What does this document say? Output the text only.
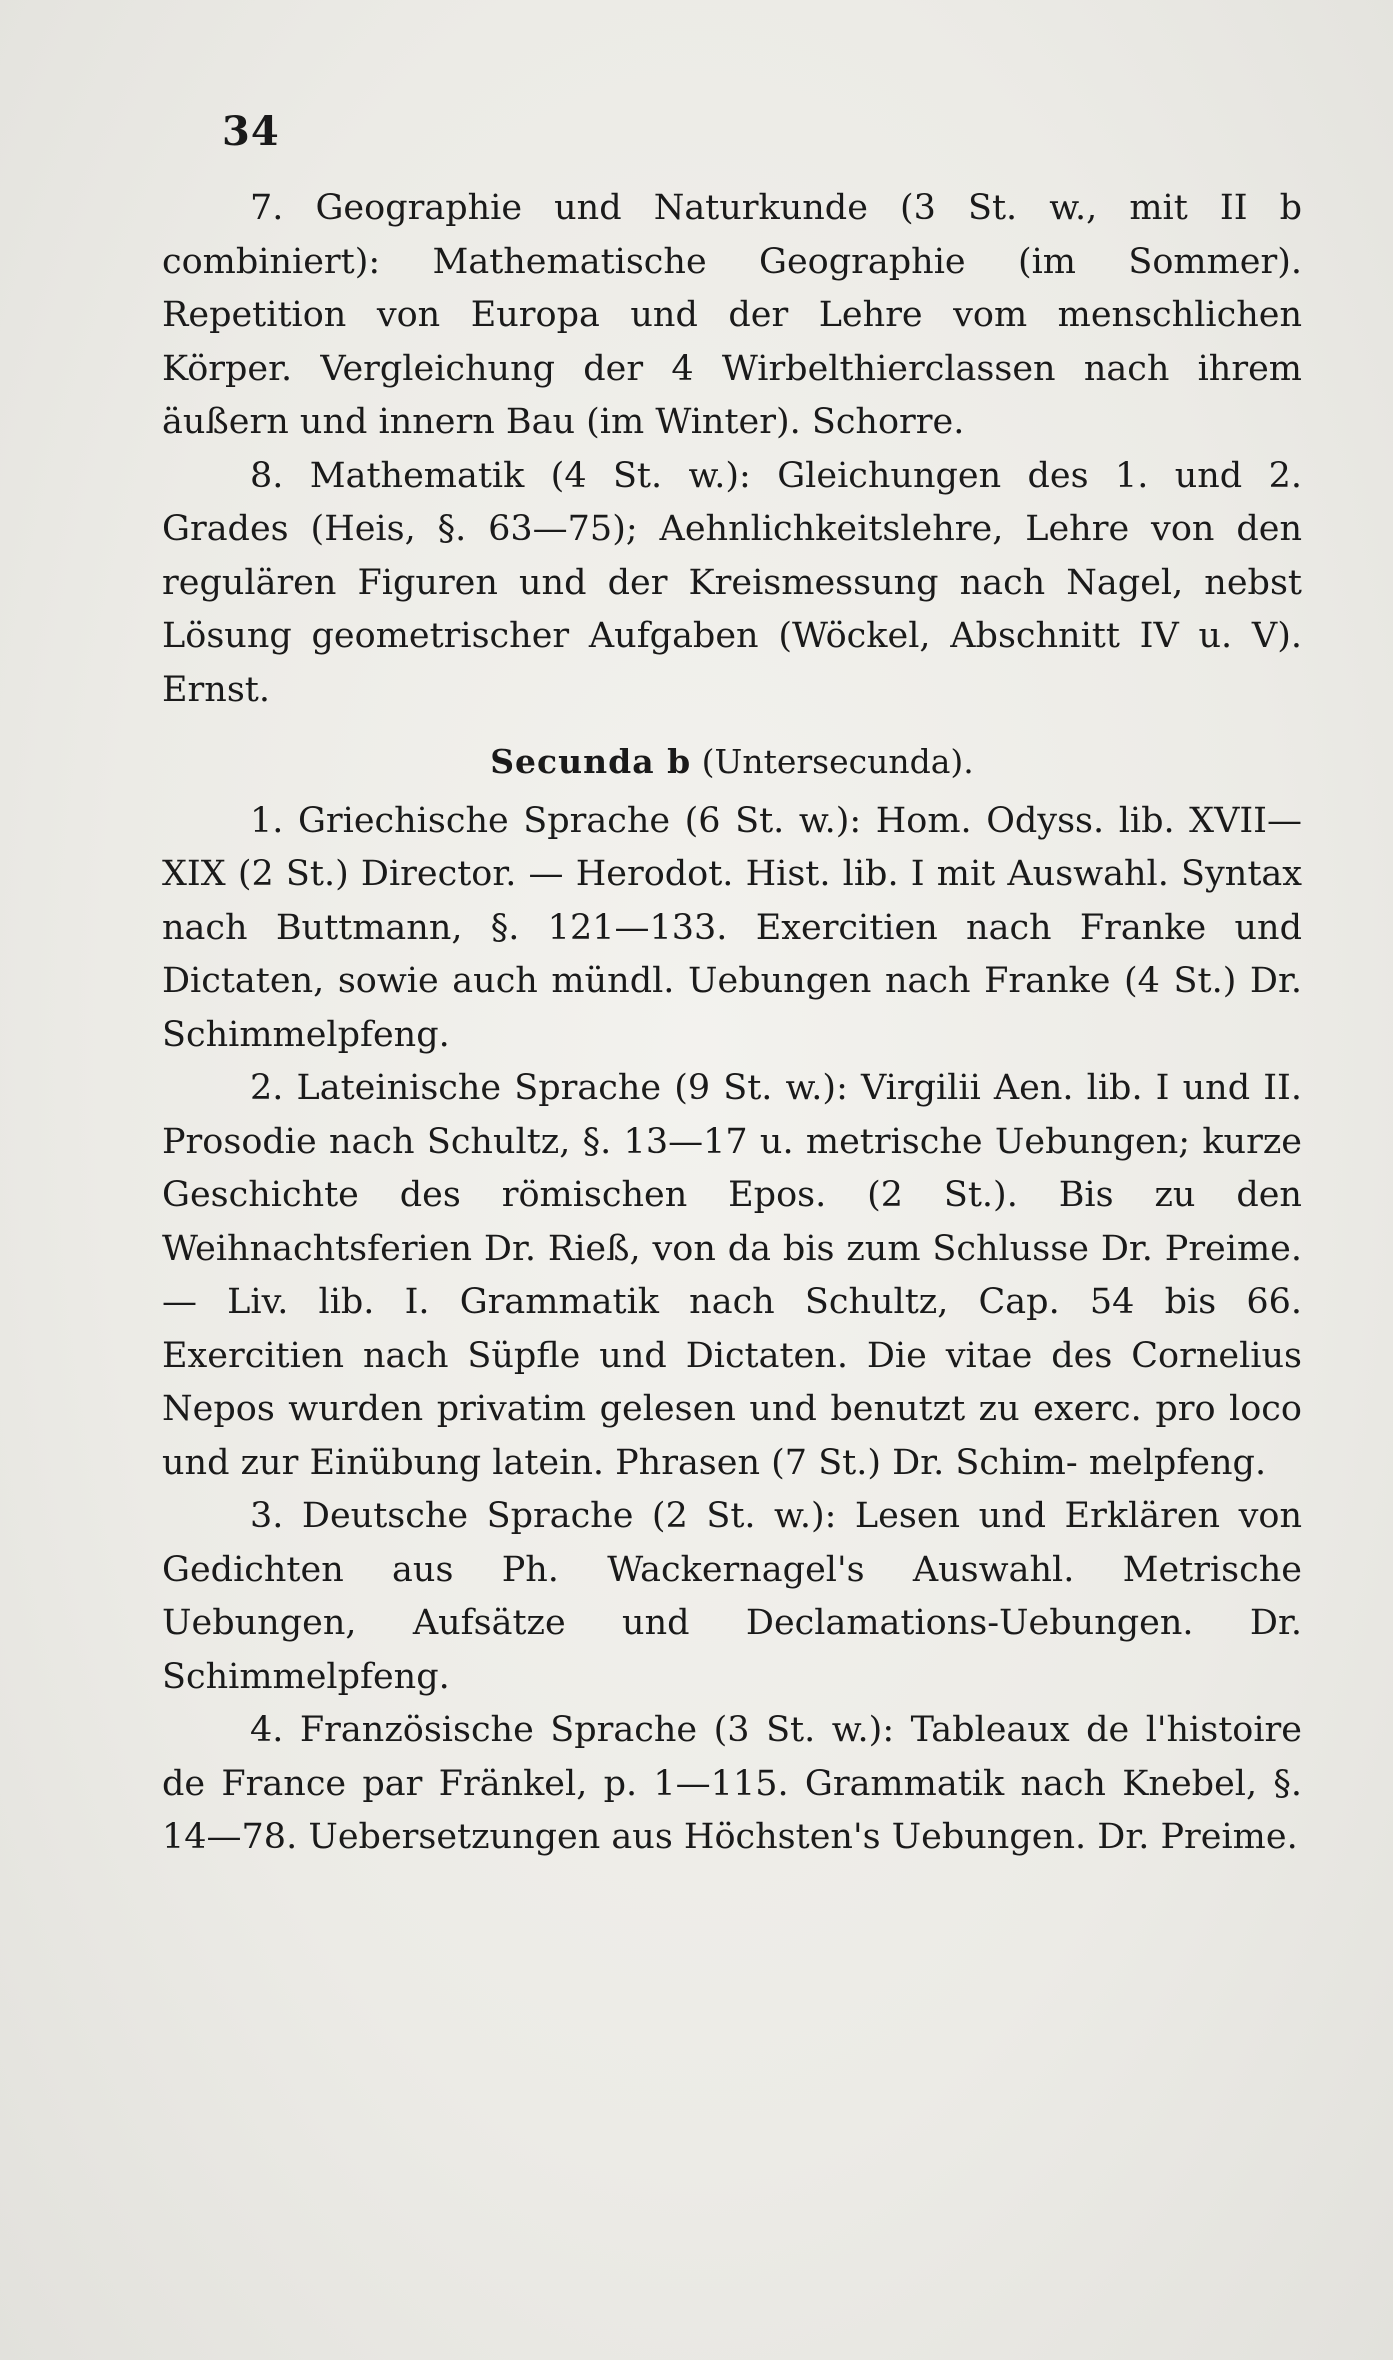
34

7. Geographie und Naturkunde (3 St. w., mit II b combiniert): Mathematische Geographie (im Sommer). Repetition von Europa und der Lehre vom menschlichen Körper. Vergleichung der 4 Wirbelthierclassen nach ihrem äußern und innern Bau (im Winter). Schorre.

8. Mathematik (4 St. w.): Gleichungen des 1. und 2. Grades (Heis, §. 63—75); Aehnlichkeitslehre, Lehre von den regulären Figuren und der Kreismessung nach Nagel, nebst Lösung geometrischer Aufgaben (Wöckel, Abschnitt IV u. V). Ernst.

Secunda b (Untersecunda).

1. Griechische Sprache (6 St. w.): Hom. Odyss. lib. XVII—XIX (2 St.) Director. — Herodot. Hist. lib. I mit Auswahl. Syntax nach Buttmann, §. 121—133. Exercitien nach Franke und Dictaten, sowie auch mündl. Uebungen nach Franke (4 St.) Dr. Schimmelpfeng.

2. Lateinische Sprache (9 St. w.): Virgilii Aen. lib. I und II. Prosodie nach Schultz, §. 13—17 u. metrische Uebungen; kurze Geschichte des römischen Epos. (2 St.). Bis zu den Weihnachtsferien Dr. Rieß, von da bis zum Schlusse Dr. Preime. — Liv. lib. I. Grammatik nach Schultz, Cap. 54 bis 66. Exercitien nach Süpfle und Dictaten. Die vitae des Cornelius Nepos wurden privatim gelesen und benutzt zu exerc. pro loco und zur Einübung latein. Phrasen (7 St.) Dr. Schim- melpfeng.

3. Deutsche Sprache (2 St. w.): Lesen und Erklären von Gedichten aus Ph. Wackernagel's Auswahl. Metrische Uebungen, Aufsätze und Declamations-Uebungen. Dr. Schimmelpfeng.

4. Französische Sprache (3 St. w.): Tableaux de l'histoire de France par Fränkel, p. 1—115. Grammatik nach Knebel, §. 14—78. Uebersetzungen aus Höchsten's Uebungen. Dr. Preime.
